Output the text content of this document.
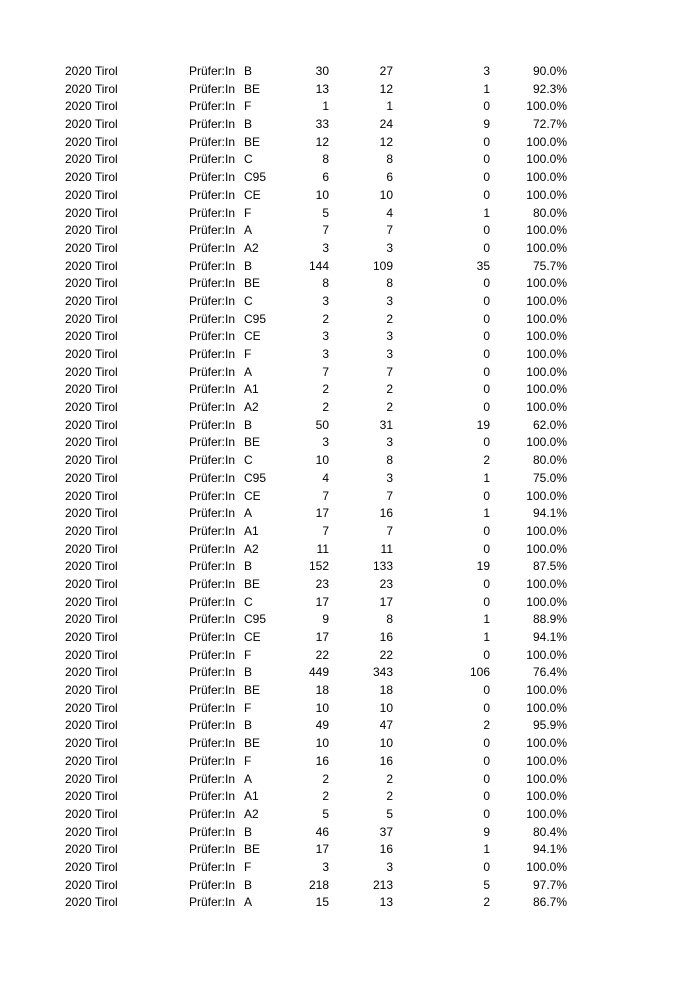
2020 Tirol	Prüfer:In B	30	27	3	90.0%
2020 Tirol	Prüfer:In BE	13	12	1	92.3%
2020 Tirol	Prüfer:In F	1	1	0	100.0%
2020 Tirol	Prüfer:In B	33	24	9	72.7%
2020 Tirol	Prüfer:In BE	12	12	0	100.0%
2020 Tirol	Prüfer:In C	8	8	0	100.0%
2020 Tirol	Prüfer:In C95	6	6	0	100.0%
2020 Tirol	Prüfer:In CE	10	10	0	100.0%
2020 Tirol	Prüfer:In F	5	4	1	80.0%
2020 Tirol	Prüfer:In A	7	7	0	100.0%
2020 Tirol	Prüfer:In A2	3	3	0	100.0%
2020 Tirol	Prüfer:In B	144	109	35	75.7%
2020 Tirol	Prüfer:In BE	8	8	0	100.0%
2020 Tirol	Prüfer:In C	3	3	0	100.0%
2020 Tirol	Prüfer:In C95	2	2	0	100.0%
2020 Tirol	Prüfer:In CE	3	3	0	100.0%
2020 Tirol	Prüfer:In F	3	3	0	100.0%
2020 Tirol	Prüfer:In A	7	7	0	100.0%
2020 Tirol	Prüfer:In A1	2	2	0	100.0%
2020 Tirol	Prüfer:In A2	2	2	0	100.0%
2020 Tirol	Prüfer:In B	50	31	19	62.0%
2020 Tirol	Prüfer:In BE	3	3	0	100.0%
2020 Tirol	Prüfer:In C	10	8	2	80.0%
2020 Tirol	Prüfer:In C95	4	3	1	75.0%
2020 Tirol	Prüfer:In CE	7	7	0	100.0%
2020 Tirol	Prüfer:In A	17	16	1	94.1%
2020 Tirol	Prüfer:In A1	7	7	0	100.0%
2020 Tirol	Prüfer:In A2	11	11	0	100.0%
2020 Tirol	Prüfer:In B	152	133	19	87.5%
2020 Tirol	Prüfer:In BE	23	23	0	100.0%
2020 Tirol	Prüfer:In C	17	17	0	100.0%
2020 Tirol	Prüfer:In C95	9	8	1	88.9%
2020 Tirol	Prüfer:In CE	17	16	1	94.1%
2020 Tirol	Prüfer:In F	22	22	0	100.0%
2020 Tirol	Prüfer:In B	449	343	106	76.4%
2020 Tirol	Prüfer:In BE	18	18	0	100.0%
2020 Tirol	Prüfer:In F	10	10	0	100.0%
2020 Tirol	Prüfer:In B	49	47	2	95.9%
2020 Tirol	Prüfer:In BE	10	10	0	100.0%
2020 Tirol	Prüfer:In F	16	16	0	100.0%
2020 Tirol	Prüfer:In A	2	2	0	100.0%
2020 Tirol	Prüfer:In A1	2	2	0	100.0%
2020 Tirol	Prüfer:In A2	5	5	0	100.0%
2020 Tirol	Prüfer:In B	46	37	9	80.4%
2020 Tirol	Prüfer:In BE	17	16	1	94.1%
2020 Tirol	Prüfer:In F	3	3	0	100.0%
2020 Tirol	Prüfer:In B	218	213	5	97.7%
2020 Tirol	Prüfer:In A	15	13	2	86.7%
